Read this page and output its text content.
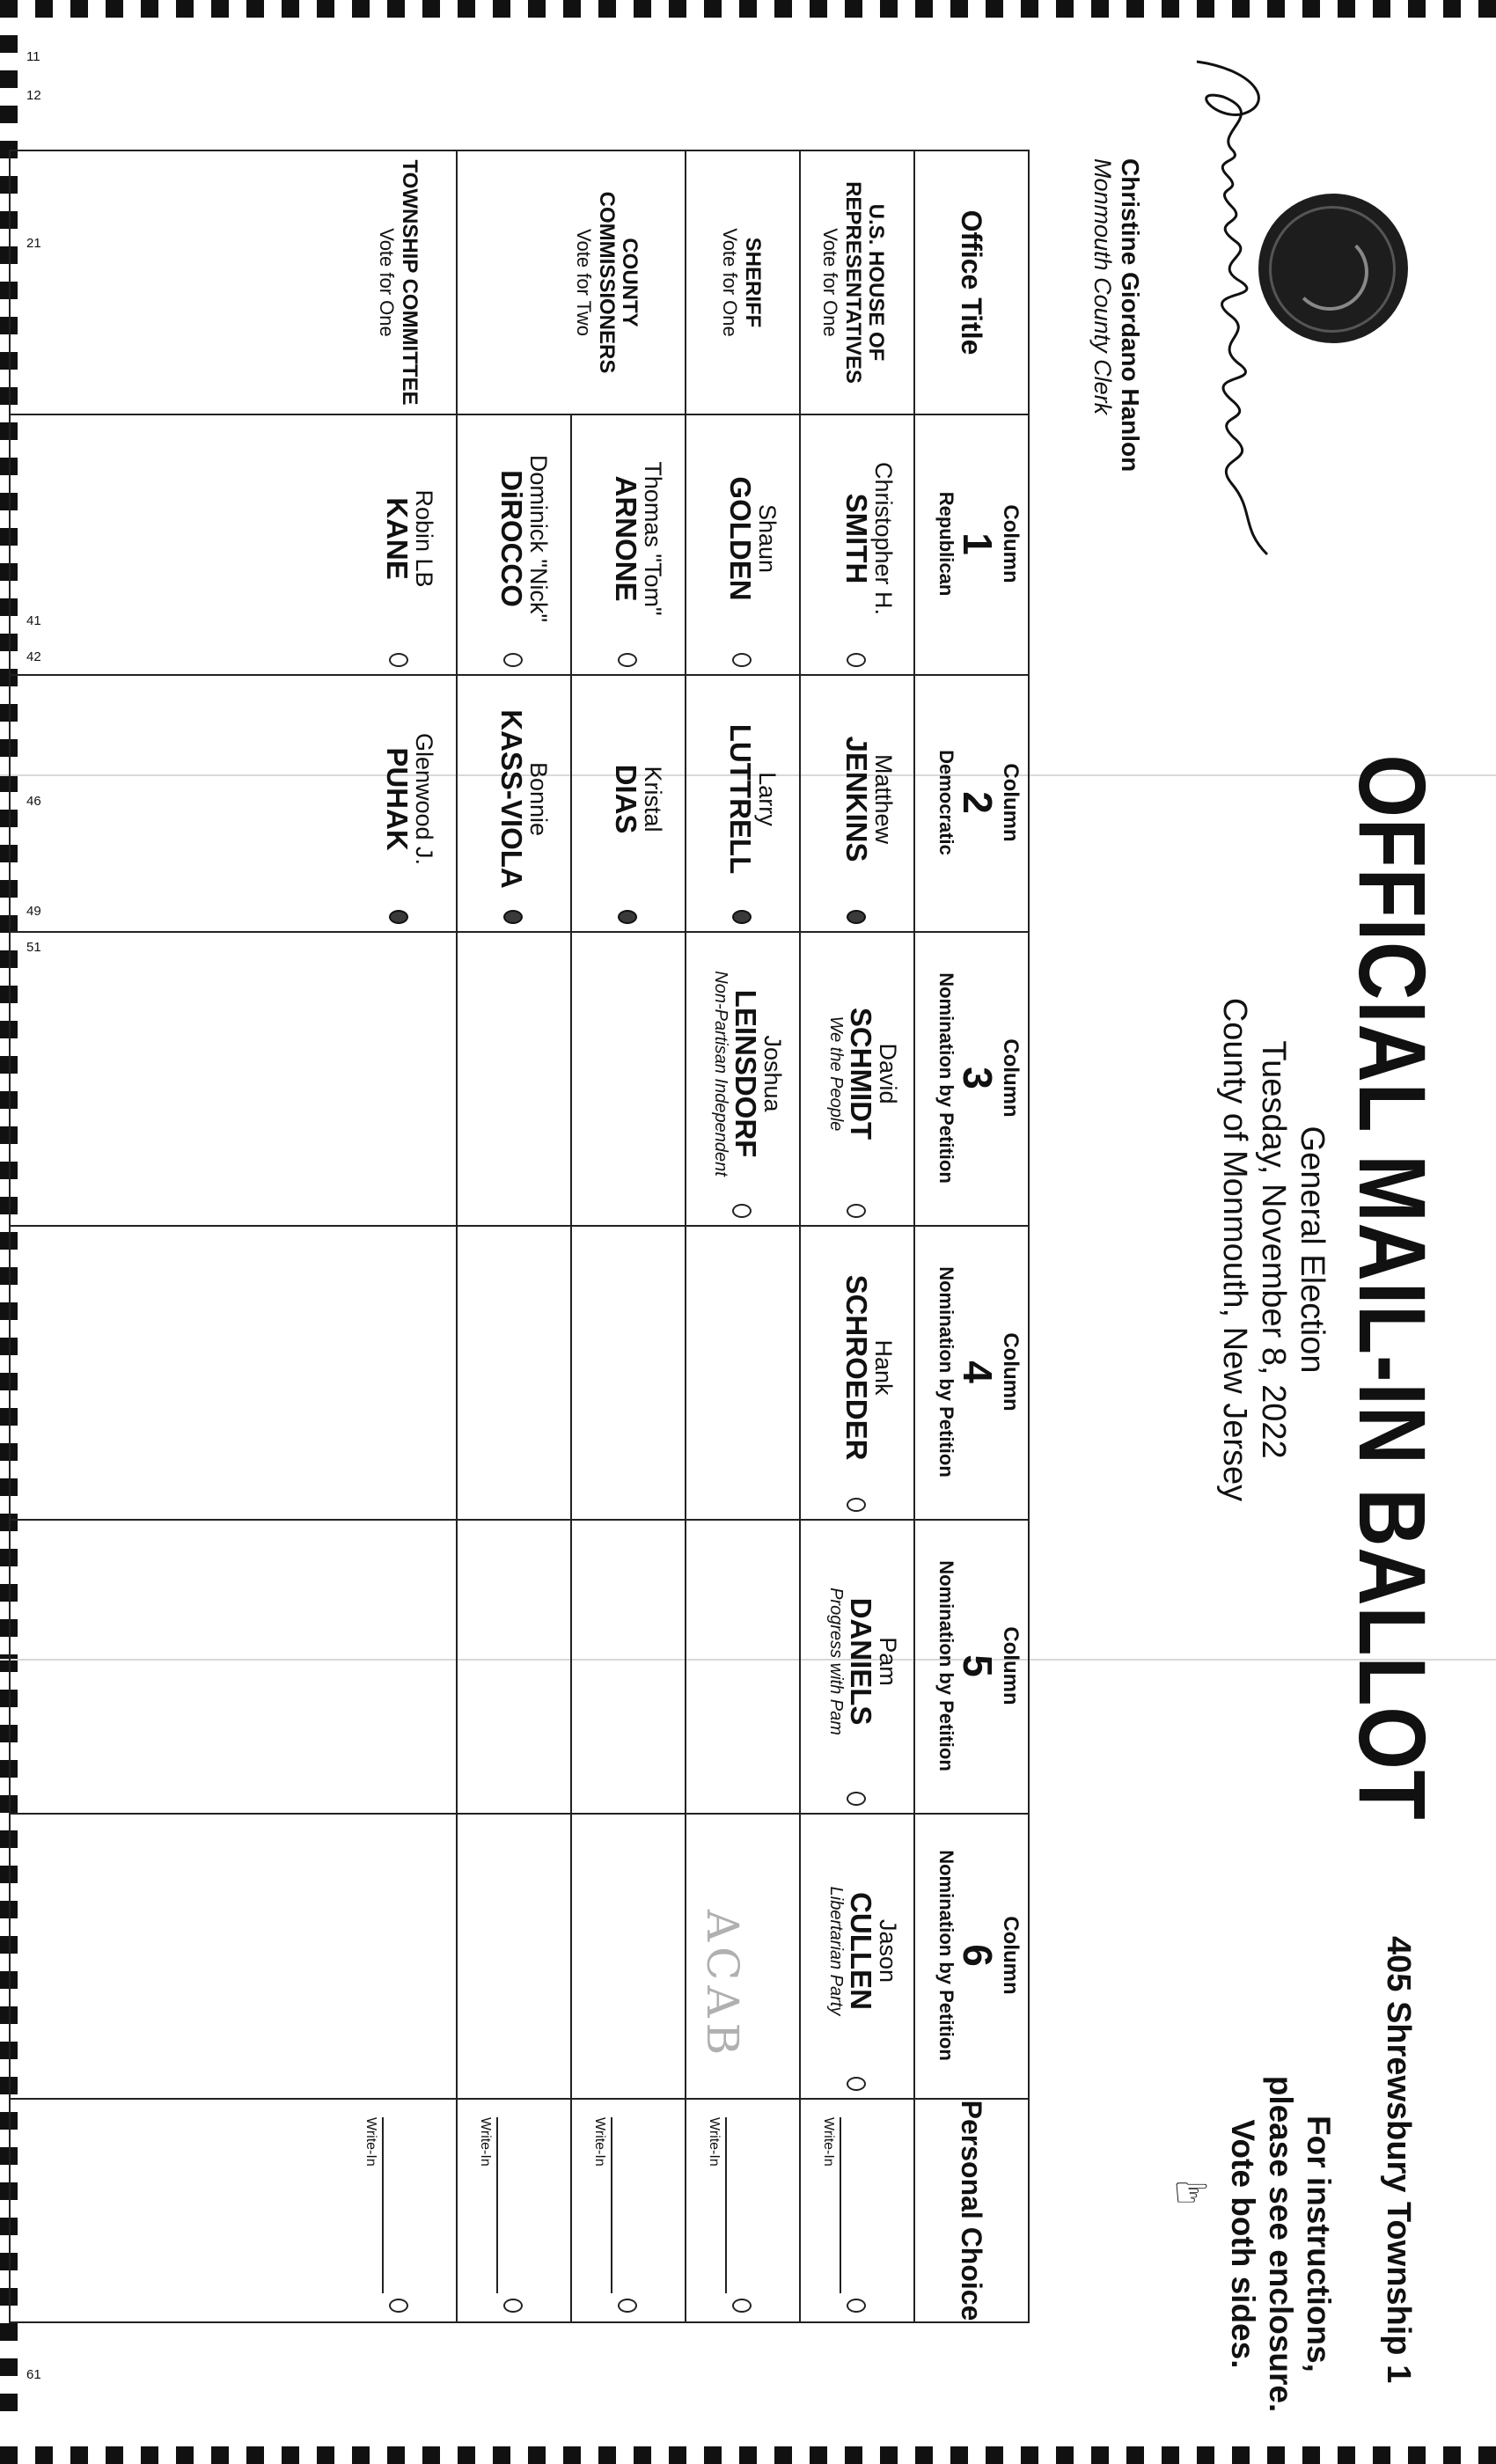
11
12
21
41
42
46
49
51
61
OFFICIAL MAIL-IN BALLOT
General Election
Tuesday, November 8, 2022
County of Monmouth, New Jersey
405 Shrewsbury Township 1
For instructions,
please see enclosure.
Vote both sides.
☞
Christine Giordano Hanlon
Monmouth County Clerk
Office Title
Column
1
Republican
Column
2
Democratic
Column
3
Nomination by Petition
Column
4
Nomination by Petition
Column
5
Nomination by Petition
Column
6
Nomination by Petition
Personal Choice
U.S. HOUSE OF
REPRESENTATIVES
Vote for One
SHERIFF
Vote for One
COUNTY
COMMISSIONERS
Vote for Two
TOWNSHIP COMMITTEE
Vote for One
Christopher H.
SMITH
Matthew
JENKINS
David
SCHMIDT
We the People
Hank
SCHROEDER
Pam
DANIELS
Progress with Pam
Jason
CULLEN
Libertarian Party
Write-In
Shaun
GOLDEN
Larry
LUTTRELL
Joshua
LEINSDORF
Non-Partisan Independent
Write-In
Thomas "Tom"
ARNONE
Kristal
DIAS
Write-In
Dominick "Nick"
DiROCCO
Bonnie
KASS-VIOLA
Write-In
Robin LB
KANE
Glenwood J.
PUHAK
Write-In
ACAB
